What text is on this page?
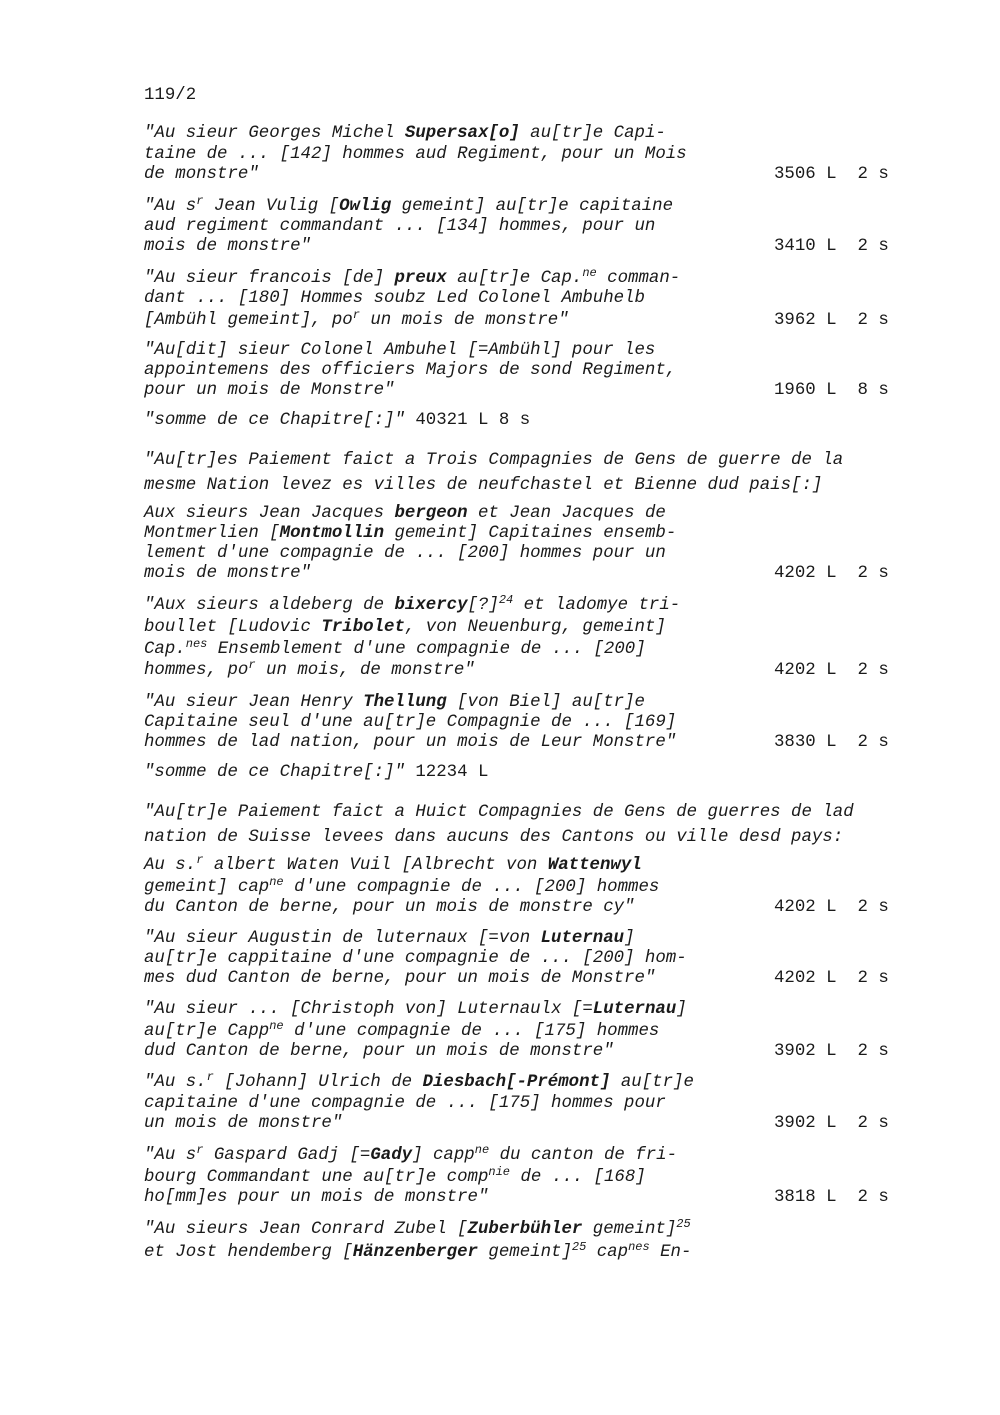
119/2
"Au sieur Georges Michel Supersax[o] au[tr]e Capi-
taine de ... [142] hommes aud Regiment, pour un Mois
de monstre"
"Au $s^r$ Jean Vulig [Owlig gemeint] au[tr]e capitaine
aud regiment commandant ... [134] hommes, pour un
mois de monstre"
"Au sieur francois [de] preux au[tr]e Cap.$^{ne}$ comman-
dant ... [180] Hommes soubz Led Colonel Ambuhelb
[Ambühl gemeint], $po^r$ un mois de monstre"
"Au[dit] sieur Colonel Ambuhel [=Ambühl] pour les
appointemens des officiers Majors de sond Regiment,
pour un mois de Monstre"
"somme de ce Chapitre[:]" 40321 L 8 s
"Au[tr]es Paiement faict a Trois Compagnies de Gens de guerre de la
mesme Nation levez es villes de neufchastel et Bienne dud pais[:]
Aux sieurs Jean Jacques bergeon et Jean Jacques de
Montmerlien [Montmollin gemeint] Capitaines ensemb-
lement d'une compagnie de ... [200] hommes pour un
mois de monstre"
"Aux sieurs aldeberg de bixercy[?]$^{24}$ et ladomye tri-
boullet [Ludovic Tribolet, von Neuenburg, gemeint]
Cap.$^{nes}$ Ensemblement d'une compagnie de ... [200]
hommes, $po^r$ un mois, de monstre"
"Au sieur Jean Henry Thellung [von Biel] au[tr]e
Capitaine seul d'une au[tr]e Compagnie de ... [169]
hommes de lad nation, pour un mois de Leur Monstre"
"somme de ce Chapitre[:]" 12234 L
"Au[tr]e Paiement faict a Huict Compagnies de Gens de guerres de lad
nation de Suisse levees dans aucuns des Cantons ou ville desd pays:
Au s.$^r$ albert Waten Vuil [Albrecht von Wattenwyl
gemeint] cap$^{ne}$ d'une compagnie de ... [200] hommes
du Canton de berne, pour un mois de monstre cy"
"Au sieur Augustin de luternaux [=von Luternau]
au[tr]e cappitaine d'une compagnie de ... [200] hom-
mes dud Canton de berne, pour un mois de Monstre"
"Au sieur ... [Christoph von] Luternaulx [=Luternau]
au[tr]e Capp$^{ne}$ d'une compagnie de ... [175] hommes
dud Canton de berne, pour un mois de monstre"
"Au s.$^r$ [Johann] Ulrich de Diesbach[-Prémont] au[tr]e
capitaine d'une compagnie de ... [175] hommes pour
un mois de monstre"
"Au $s^r$ Gaspard Gadj [=Gady] capp$^{ne}$ du canton de fri-
bourg Commandant une au[tr]e comp$^{nie}$ de ... [168]
ho[mm]es pour un mois de monstre"
"Au sieurs Jean Conrard Zubel [Zuberbühler gemeint]$^{25}$
et Jost hendemberg [Hänzenberger gemeint]$^{25}$ cap$^{nes}$ En-
3506 L  2 s
3410 L  2 s
3962 L  2 s
1960 L  8 s
4202 L  2 s
4202 L  2 s
3830 L  2 s
4202 L  2 s
4202 L  2 s
3902 L  2 s
3902 L  2 s
3818 L  2 s
